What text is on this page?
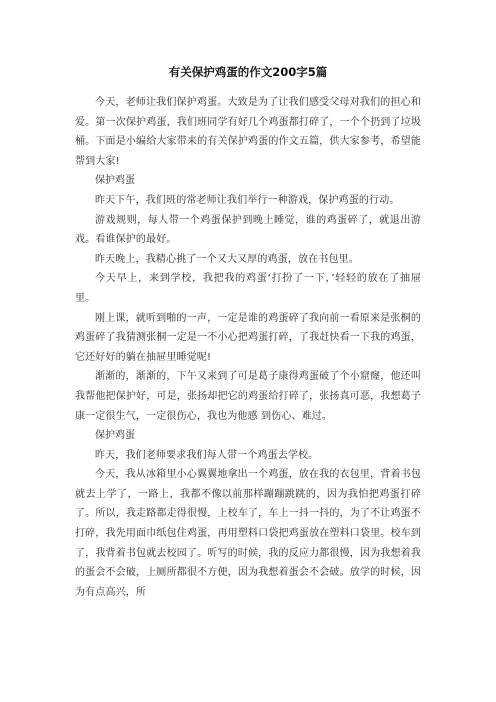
有关保护鸡蛋的作文200字5篇

今天，老师让我们保护鸡蛋。大致是为了让我们感受父母对我们的担心和爱。第一次保护鸡蛋，我们班同学有好几个鸡蛋都打碎了，一个个扔到了垃圾桶。下面是小编给大家带来的有关保护鸡蛋的作文五篇，供大家参考，希望能帮到大家!

保护鸡蛋

昨天下午，我们班的常老师让我们举行一种游戏，保护鸡蛋的行动。

游戏规则，每人带一个鸡蛋保护到晚上睡觉，谁的鸡蛋碎了，就退出游戏。看谁保护的最好。

昨天晚上，我精心挑了一个又大又厚的鸡蛋，放在书包里。

今天早上，来到学校，我把我的鸡蛋‘打扮了一下，’轻轻的放在了抽屉里。

刚上课，就听到啪的一声，一定是谁的鸡蛋碎了我向前一看原来是张桐的鸡蛋碎了我猜测张桐一定是一不小心把鸡蛋打碎，了我赶快看一下我的鸡蛋，它还好好的躺在抽屉里睡觉呢!

渐渐的，渐渐的，下午又来到了可是葛子康得鸡蛋破了个小窟窿，他还叫我帮他把保护好，可是，张扬却把它的鸡蛋给打碎了，张扬真可恶，我想葛子康一定很生气，一定很伤心，我也为他感 到伤心、难过。

保护鸡蛋

昨天，我们老师要求我们每人带一个鸡蛋去学校。

今天，我从冰箱里小心翼翼地拿出一个鸡蛋，放在我的衣包里，背着书包就去上学了，一路上，我都不像以前那样蹦蹦跳跳的，因为我怕把鸡蛋打碎了。所以，我走路都走得很慢，上校车了，车上一抖一抖的，为了不让鸡蛋不打碎，我先用面巾纸包住鸡蛋，再用塑料口袋把鸡蛋放在塑料口袋里。校车到了，我背着书包就去校园了。听写的时候，我的反应力都很慢，因为我想着我的蛋会不会破，上厕所都很不方便，因为我想着蛋会不会破。放学的时候，因为有点高兴，所
